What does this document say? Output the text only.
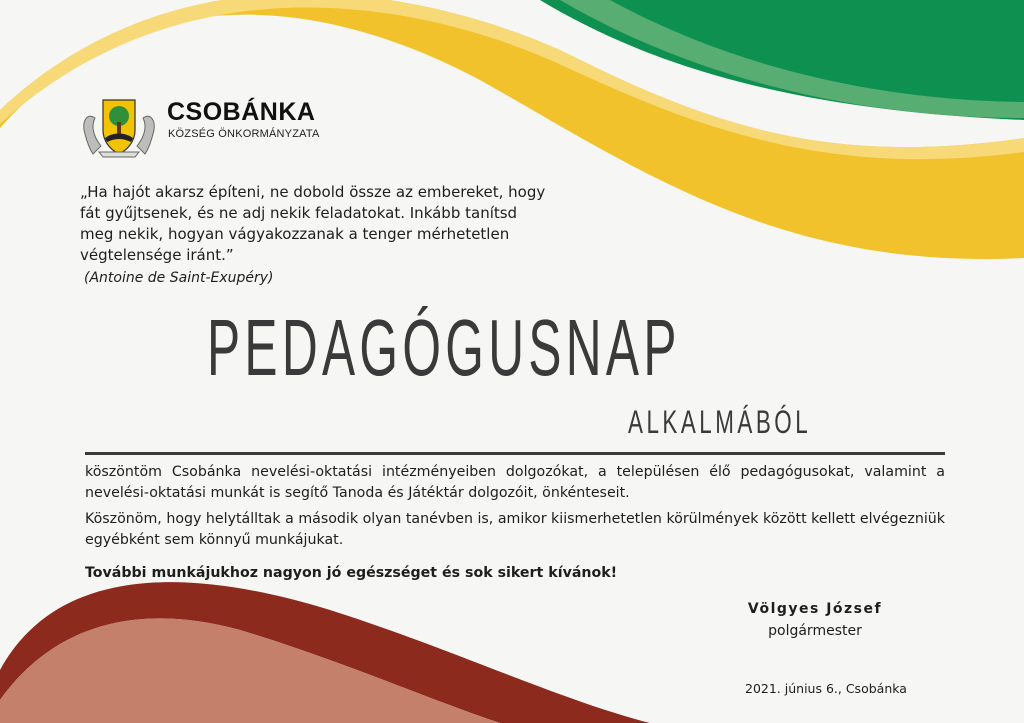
CSOBÁNKA
KÖZSÉG ÖNKORMÁNYZATA

„Ha hajót akarsz építeni, ne dobold össze az embereket, hogy fát gyűjtsenek, és ne adj nekik feladatokat. Inkább tanítsd meg nekik, hogyan vágyakozzanak a tenger mérhetetlen végtelensége iránt.”

(Antoine de Saint-Exupéry)

PEDAGÓGUSNAP
ALKALMÁBÓL

köszöntöm Csobánka nevelési-oktatási intézményeiben dolgozókat, a településen élő pedagógusokat, valamint a nevelési-oktatási munkát is segítő Tanoda és Játéktár dolgozóit, önkénteseit.

Köszönöm, hogy helytálltak a második olyan tanévben is, amikor kiismerhetetlen körülmények között kellett elvégezniük egyébként sem könnyű munkájukat.

További munkájukhoz nagyon jó egészséget és sok sikert kívánok!

Völgyes József
polgármester
2021. június 6., Csobánka
